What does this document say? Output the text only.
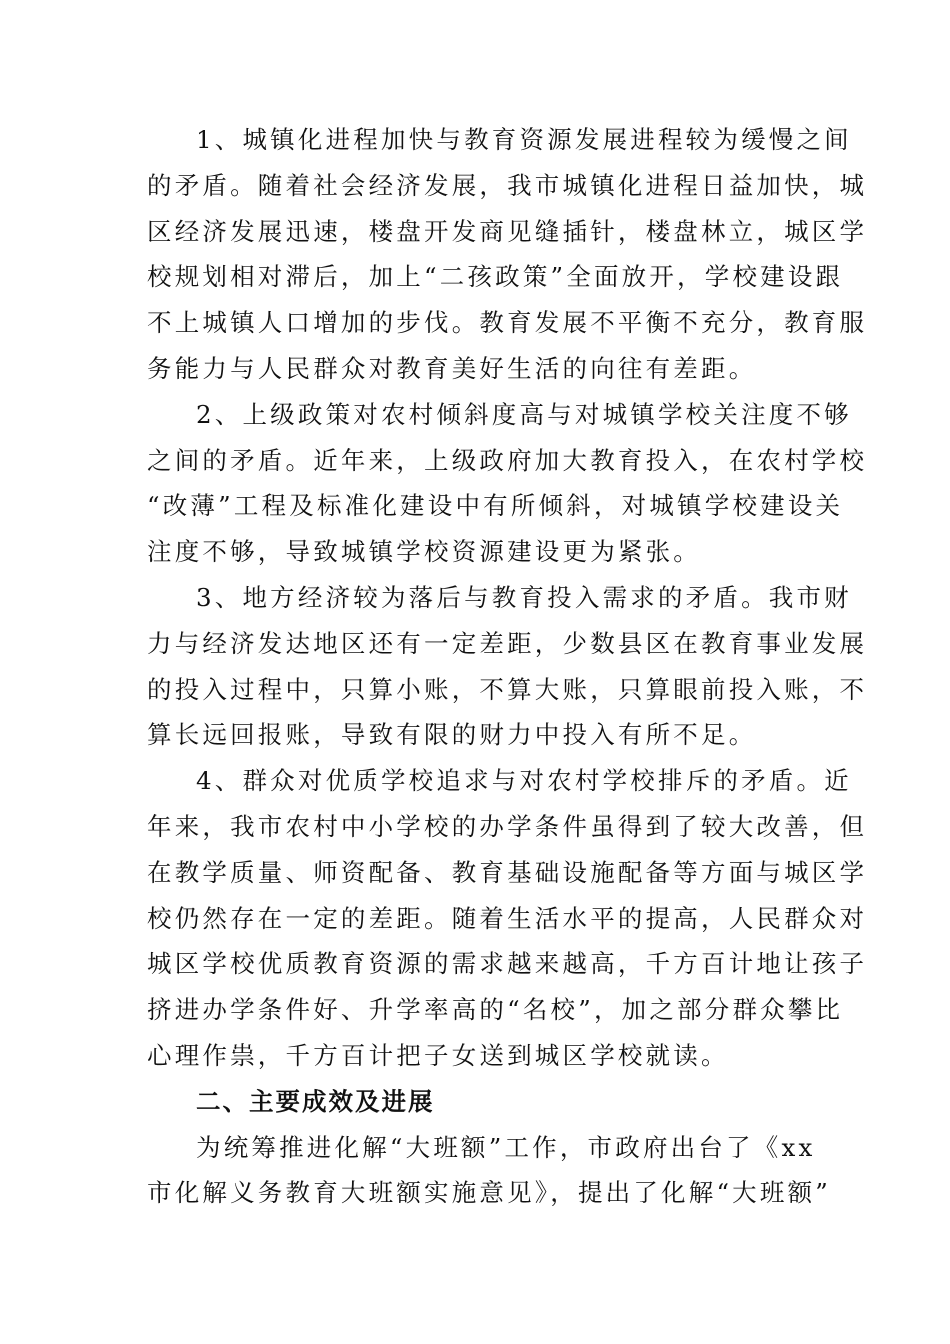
1、城镇化进程加快与教育资源发展进程较为缓慢之间
的矛盾。随着社会经济发展，我市城镇化进程日益加快，城
区经济发展迅速，楼盘开发商见缝插针，楼盘林立，城区学
校规划相对滞后，加上“二孩政策”全面放开，学校建设跟
不上城镇人口增加的步伐。教育发展不平衡不充分，教育服
务能力与人民群众对教育美好生活的向往有差距。

2、上级政策对农村倾斜度高与对城镇学校关注度不够
之间的矛盾。近年来，上级政府加大教育投入，在农村学校
“改薄”工程及标准化建设中有所倾斜，对城镇学校建设关
注度不够，导致城镇学校资源建设更为紧张。

3、地方经济较为落后与教育投入需求的矛盾。我市财
力与经济发达地区还有一定差距，少数县区在教育事业发展
的投入过程中，只算小账，不算大账，只算眼前投入账，不
算长远回报账，导致有限的财力中投入有所不足。

4、群众对优质学校追求与对农村学校排斥的矛盾。近
年来，我市农村中小学校的办学条件虽得到了较大改善，但
在教学质量、师资配备、教育基础设施配备等方面与城区学
校仍然存在一定的差距。随着生活水平的提高，人民群众对
城区学校优质教育资源的需求越来越高，千方百计地让孩子
挤进办学条件好、升学率高的“名校”，加之部分群众攀比
心理作祟，千方百计把子女送到城区学校就读。

二、主要成效及进展

为统筹推进化解“大班额”工作，市政府出台了《xx
市化解义务教育大班额实施意见》，提出了化解“大班额”
